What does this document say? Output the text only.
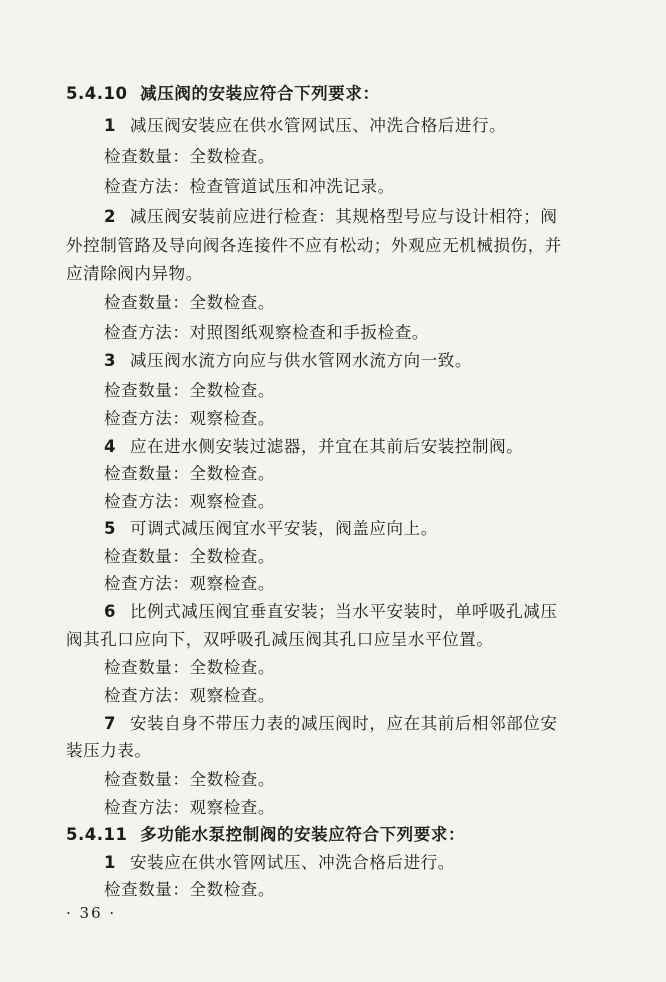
5.4.10 减压阀的安装应符合下列要求：
1 减压阀安装应在供水管网试压、冲洗合格后进行。
检查数量：全数检查。
检查方法：检查管道试压和冲洗记录。
2 减压阀安装前应进行检查：其规格型号应与设计相符；阀
外控制管路及导向阀各连接件不应有松动；外观应无机械损伤，并
应清除阀内异物。
检查数量：全数检查。
检查方法：对照图纸观察检查和手扳检查。
3 减压阀水流方向应与供水管网水流方向一致。
检查数量：全数检查。
检查方法：观察检查。
4 应在进水侧安装过滤器，并宜在其前后安装控制阀。
检查数量：全数检查。
检查方法：观察检查。
5 可调式减压阀宜水平安装，阀盖应向上。
检查数量：全数检查。
检查方法：观察检查。
6 比例式减压阀宜垂直安装；当水平安装时，单呼吸孔减压
阀其孔口应向下，双呼吸孔减压阀其孔口应呈水平位置。
检查数量：全数检查。
检查方法：观察检查。
7 安装自身不带压力表的减压阀时，应在其前后相邻部位安
装压力表。
检查数量：全数检查。
检查方法：观察检查。
5.4.11 多功能水泵控制阀的安装应符合下列要求：
1 安装应在供水管网试压、冲洗合格后进行。
检查数量：全数检查。
· 36 ·
